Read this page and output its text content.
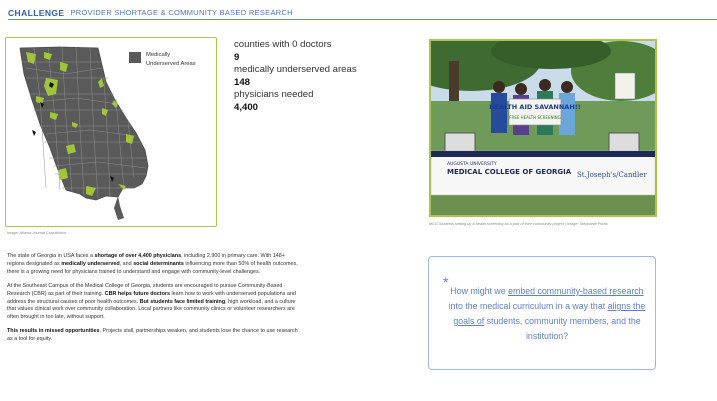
CHALLENGE PROVIDER SHORTAGE & COMMUNITY BASED RESEARCH
Medically Underserved Areas
Image: Atlanta Journal Constitution
counties with 0 doctors
9
medically underserved areas
148
physicians needed
4,400	HEALTH AID SAVANNAH!!
FREE HEALTH SCREENING
AUGUSTA UNIVERSITY
MEDICAL COLLEGE OF GEORGIA St.Joseph's/Candler
MCG Students setting up a health screening as a part of their community project | Image: Stephanie Porris

The state of Georgia in USA faces a shortage of over 4,400 physicians, including 2,900 in primary care. With 148+ regions designated as medically underserved, and social determinants influencing more than 50% of health outcomes, there is a growing need for physicians trained to understand and engage with community-level challenges.

At the Southeast Campus of the Medical College of Georgia, students are encouraged to pursue Community-Based Research (CBR) as part of their training. CBR helps future doctors learn how to work with underserved populations and address the structural causes of poor health outcomes. But students face limited training, high workload, and a culture that values clinical work over community collaboration. Local partners like community clinics or volunteer researchers are often brought in too late, without support.

This results in missed opportunities. Projects stall, partnerships weaken, and students lose the chance to use research as a tool for equity.

*
How might we embed community-based research into the medical curriculum in a way that aligns the goals of students, community members, and the institution?
